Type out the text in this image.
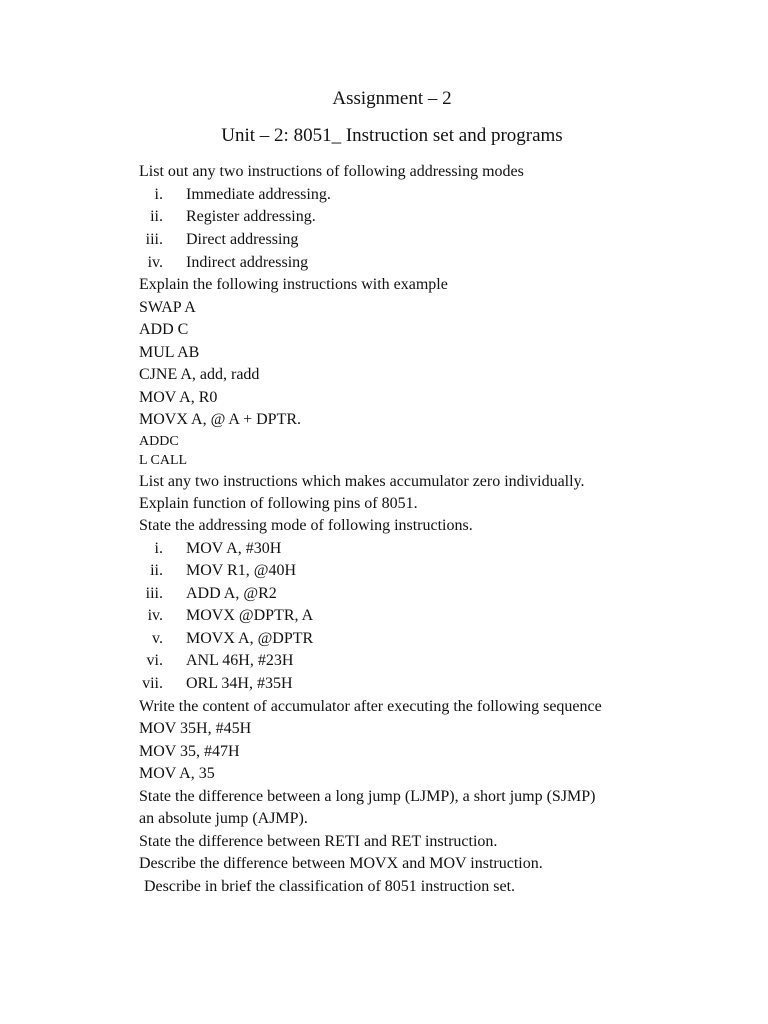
Assignment – 2
Unit – 2: 8051_ Instruction set and programs
List out any two instructions of following addressing modes
i. Immediate addressing.
ii. Register addressing.
iii. Direct addressing
iv. Indirect addressing
Explain the following instructions with example
SWAP A
ADD C
MUL AB
CJNE A, add, radd
MOV A, R0
MOVX A, @ A + DPTR.
ADDC
L CALL
List any two instructions which makes accumulator zero individually.
Explain function of following pins of 8051.
State the addressing mode of following instructions.
i. MOV A, #30H
ii. MOV R1, @40H
iii. ADD A, @R2
iv. MOVX @DPTR, A
v. MOVX A, @DPTR
vi. ANL 46H, #23H
vii. ORL 34H, #35H
Write the content of accumulator after executing the following sequence
MOV 35H, #45H
MOV 35, #47H
MOV A, 35
State the difference between a long jump (LJMP), a short jump (SJMP)
an absolute jump (AJMP).
State the difference between RETI and RET instruction.
Describe the difference between MOVX and MOV instruction.
Describe in brief the classification of 8051 instruction set.
